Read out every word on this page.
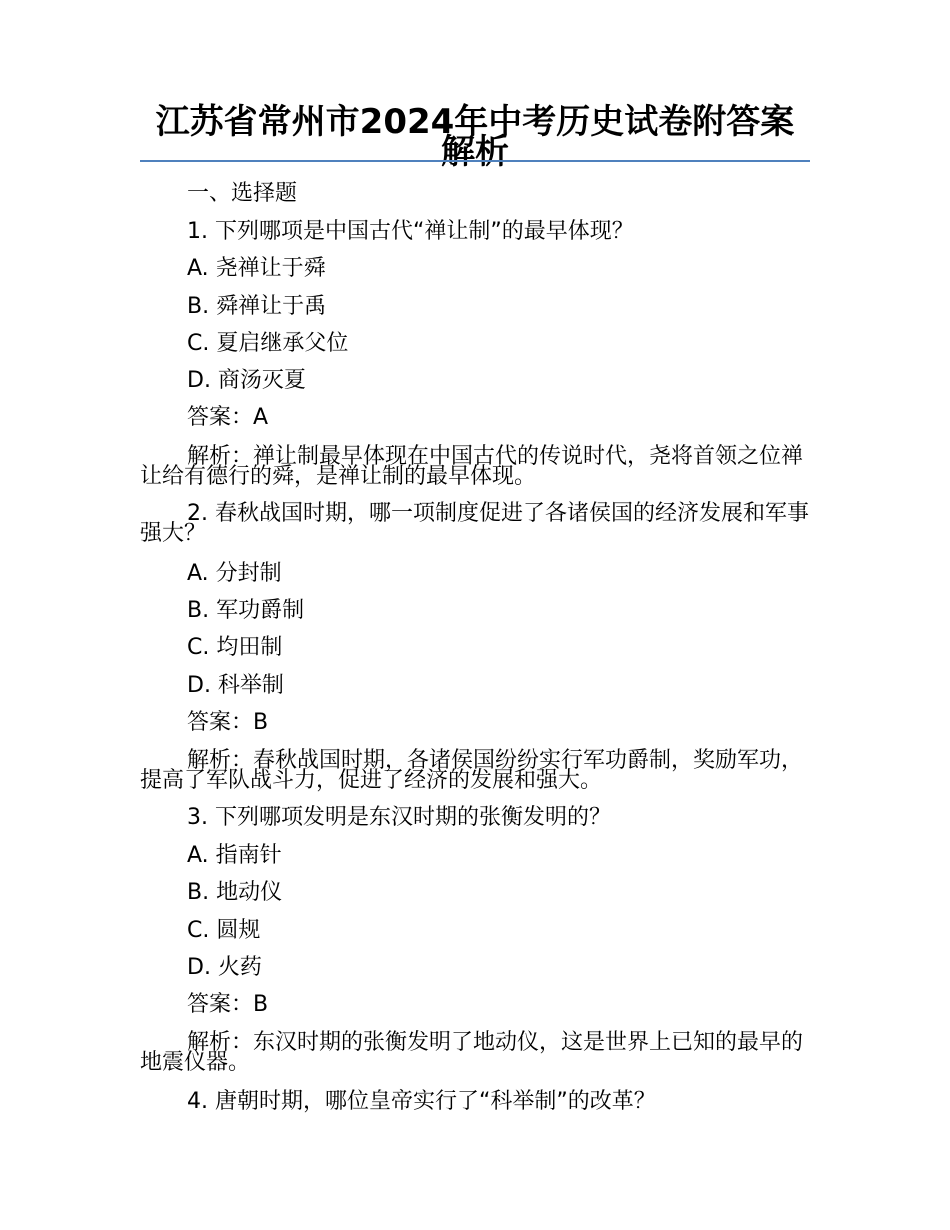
江苏省常州市2024年中考历史试卷附答案解析
一、选择题
1. 下列哪项是中国古代“禅让制”的最早体现？
A. 尧禅让于舜
B. 舜禅让于禹
C. 夏启继承父位
D. 商汤灭夏
答案：A
解析：禅让制最早体现在中国古代的传说时代，尧将首领之位禅让给有德行的舜，是禅让制的最早体现。
2. 春秋战国时期，哪一项制度促进了各诸侯国的经济发展和军事强大？
A. 分封制
B. 军功爵制
C. 均田制
D. 科举制
答案：B
解析：春秋战国时期，各诸侯国纷纷实行军功爵制，奖励军功，提高了军队战斗力，促进了经济的发展和强大。
3. 下列哪项发明是东汉时期的张衡发明的？
A. 指南针
B. 地动仪
C. 圆规
D. 火药
答案：B
解析：东汉时期的张衡发明了地动仪，这是世界上已知的最早的地震仪器。
4. 唐朝时期，哪位皇帝实行了“科举制”的改革？
